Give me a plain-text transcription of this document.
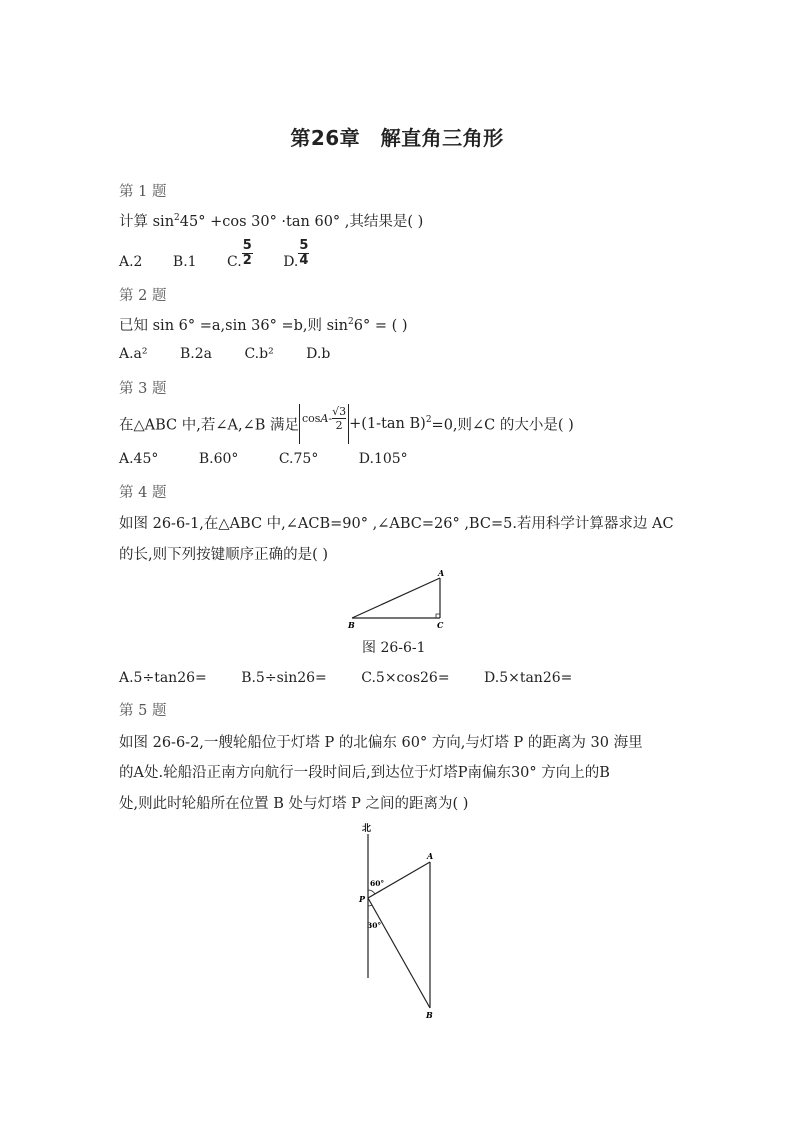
第26章　解直角三角形
第 1 题
计算 $\sin^245^\circ +\cos$ 30° ·tan 60° ,其结果是( )
A.2 B.1 C. $\frac{5}{2} D$. $\frac{5}{4}$
第 2 题
已知 sin 6° =a,sin 36° =b,则 $\sin^26^\circ$ = ( )
A.a² B.2a C.b² D.b
第 3 题
在△ABC 中,若∠A,∠B 满足 $\cos A- \frac{√3}{2} +(1-\tan$ B)$^2$=0,则∠C 的大小是( )
A.45°	B.60°	C.75°	D.105°
第 4 题
如图 26-6-1,在△ABC 中,∠ACB=90° ,∠ABC=26° ,BC=5.若用科学计算器求边 AC
的长,则下列按键顺序正确的是( )
A
B	C
图 26-6-1
A.5÷tan26= B.5÷sin26= C.5×cos26= D.5×tan26=
第 5 题
如图 26-6-2,一艘轮船位于灯塔 P 的北偏东 60° 方向,与灯塔 P 的距离为 30 海里
的A处.轮船沿正南方向航行一段时间后,到达位于灯塔P南偏东30° 方向上的B
处,则此时轮船所在位置 B 处与灯塔 P 之间的距离为( )
北
60°
30°
A
P
B
